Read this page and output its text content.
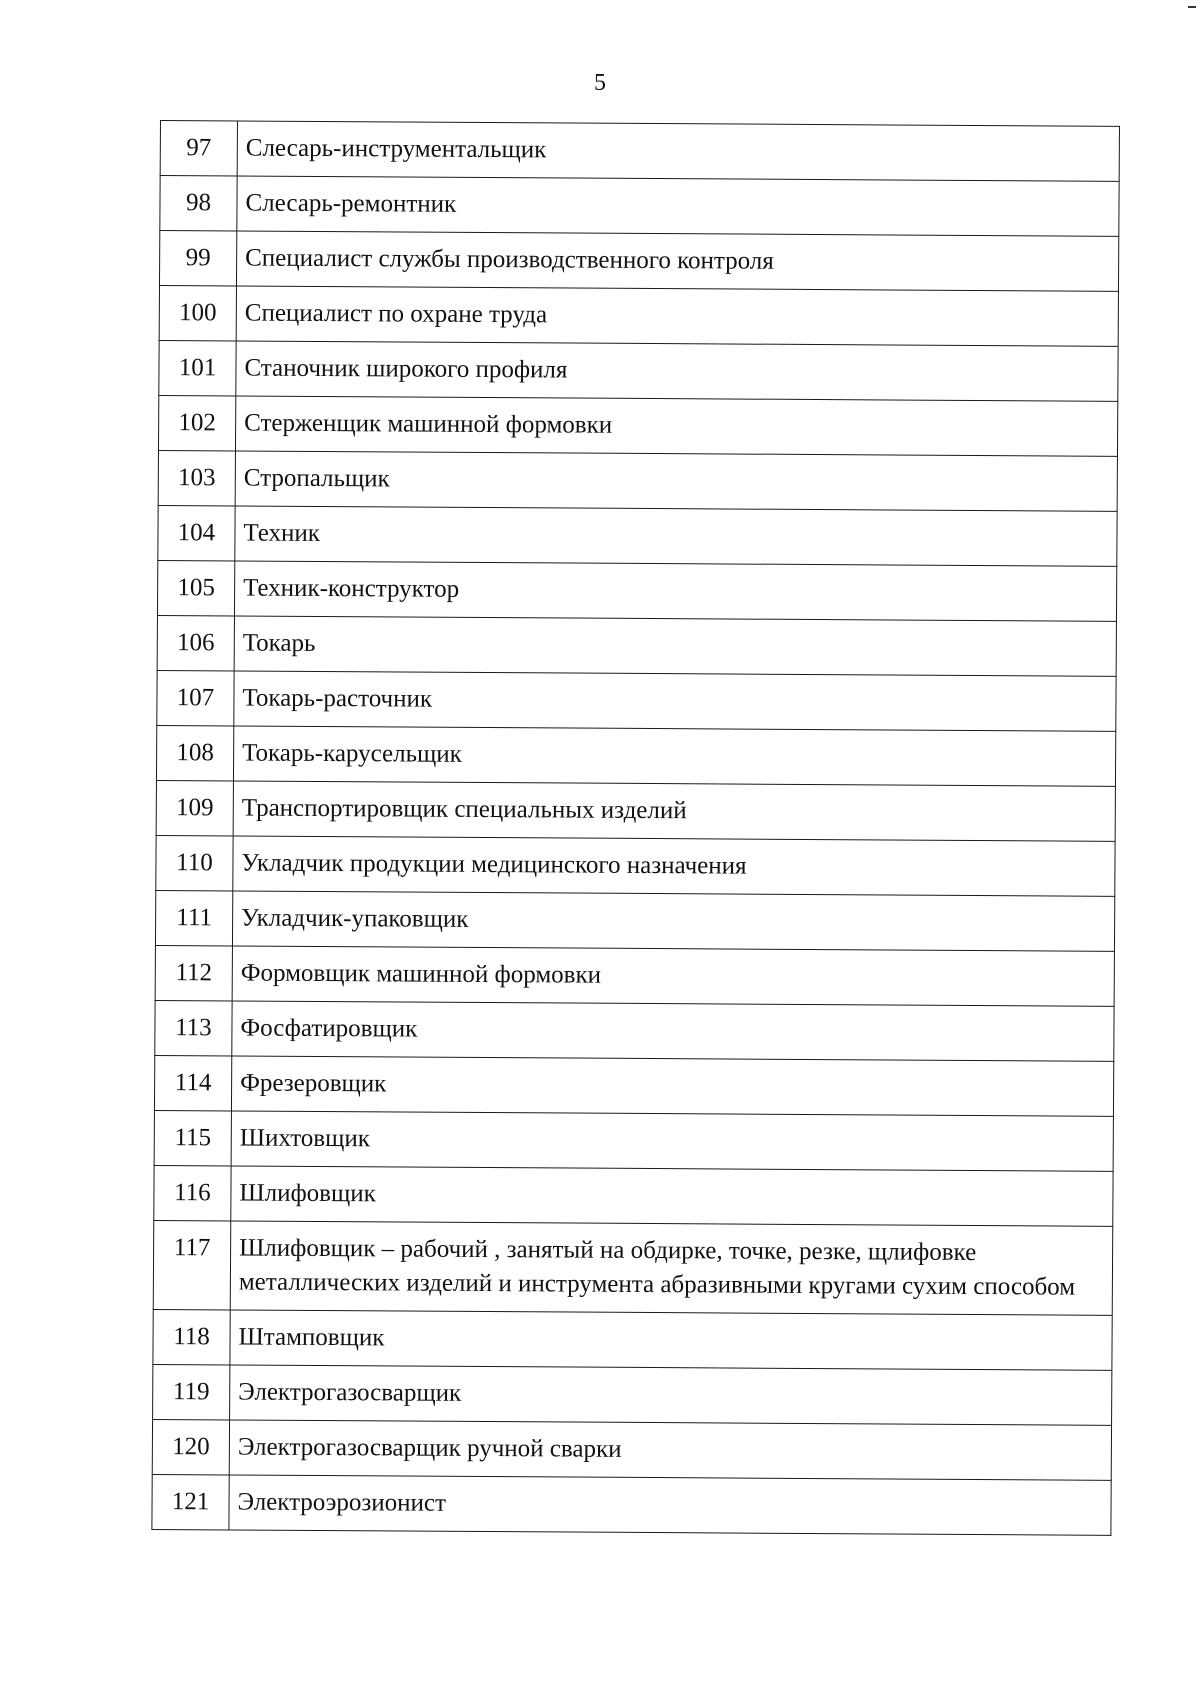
5
97	Слесарь-инструментальщик
98	Слесарь-ремонтник
99	Специалист службы производственного контроля
100	Специалист по охране труда
101	Станочник широкого профиля
102	Стерженщик машинной формовки
103	Стропальщик
104	Техник
105	Техник-конструктор
106	Токарь
107	Токарь-расточник
108	Токарь-карусельщик
109	Транспортировщик специальных изделий
110	Укладчик продукции медицинского назначения
111	Укладчик-упаковщик
112	Формовщик машинной формовки
113	Фосфатировщик
114	Фрезеровщик
115	Шихтовщик
116	Шлифовщик
117	Шлифовщик – рабочий , занятый на обдирке, точке, резке, щлифовке металлических изделий и инструмента абразивными кругами сухим способом
118	Штамповщик
119	Электрогазосварщик
120	Электрогазосварщик ручной сварки
121	Электроэрозионист
